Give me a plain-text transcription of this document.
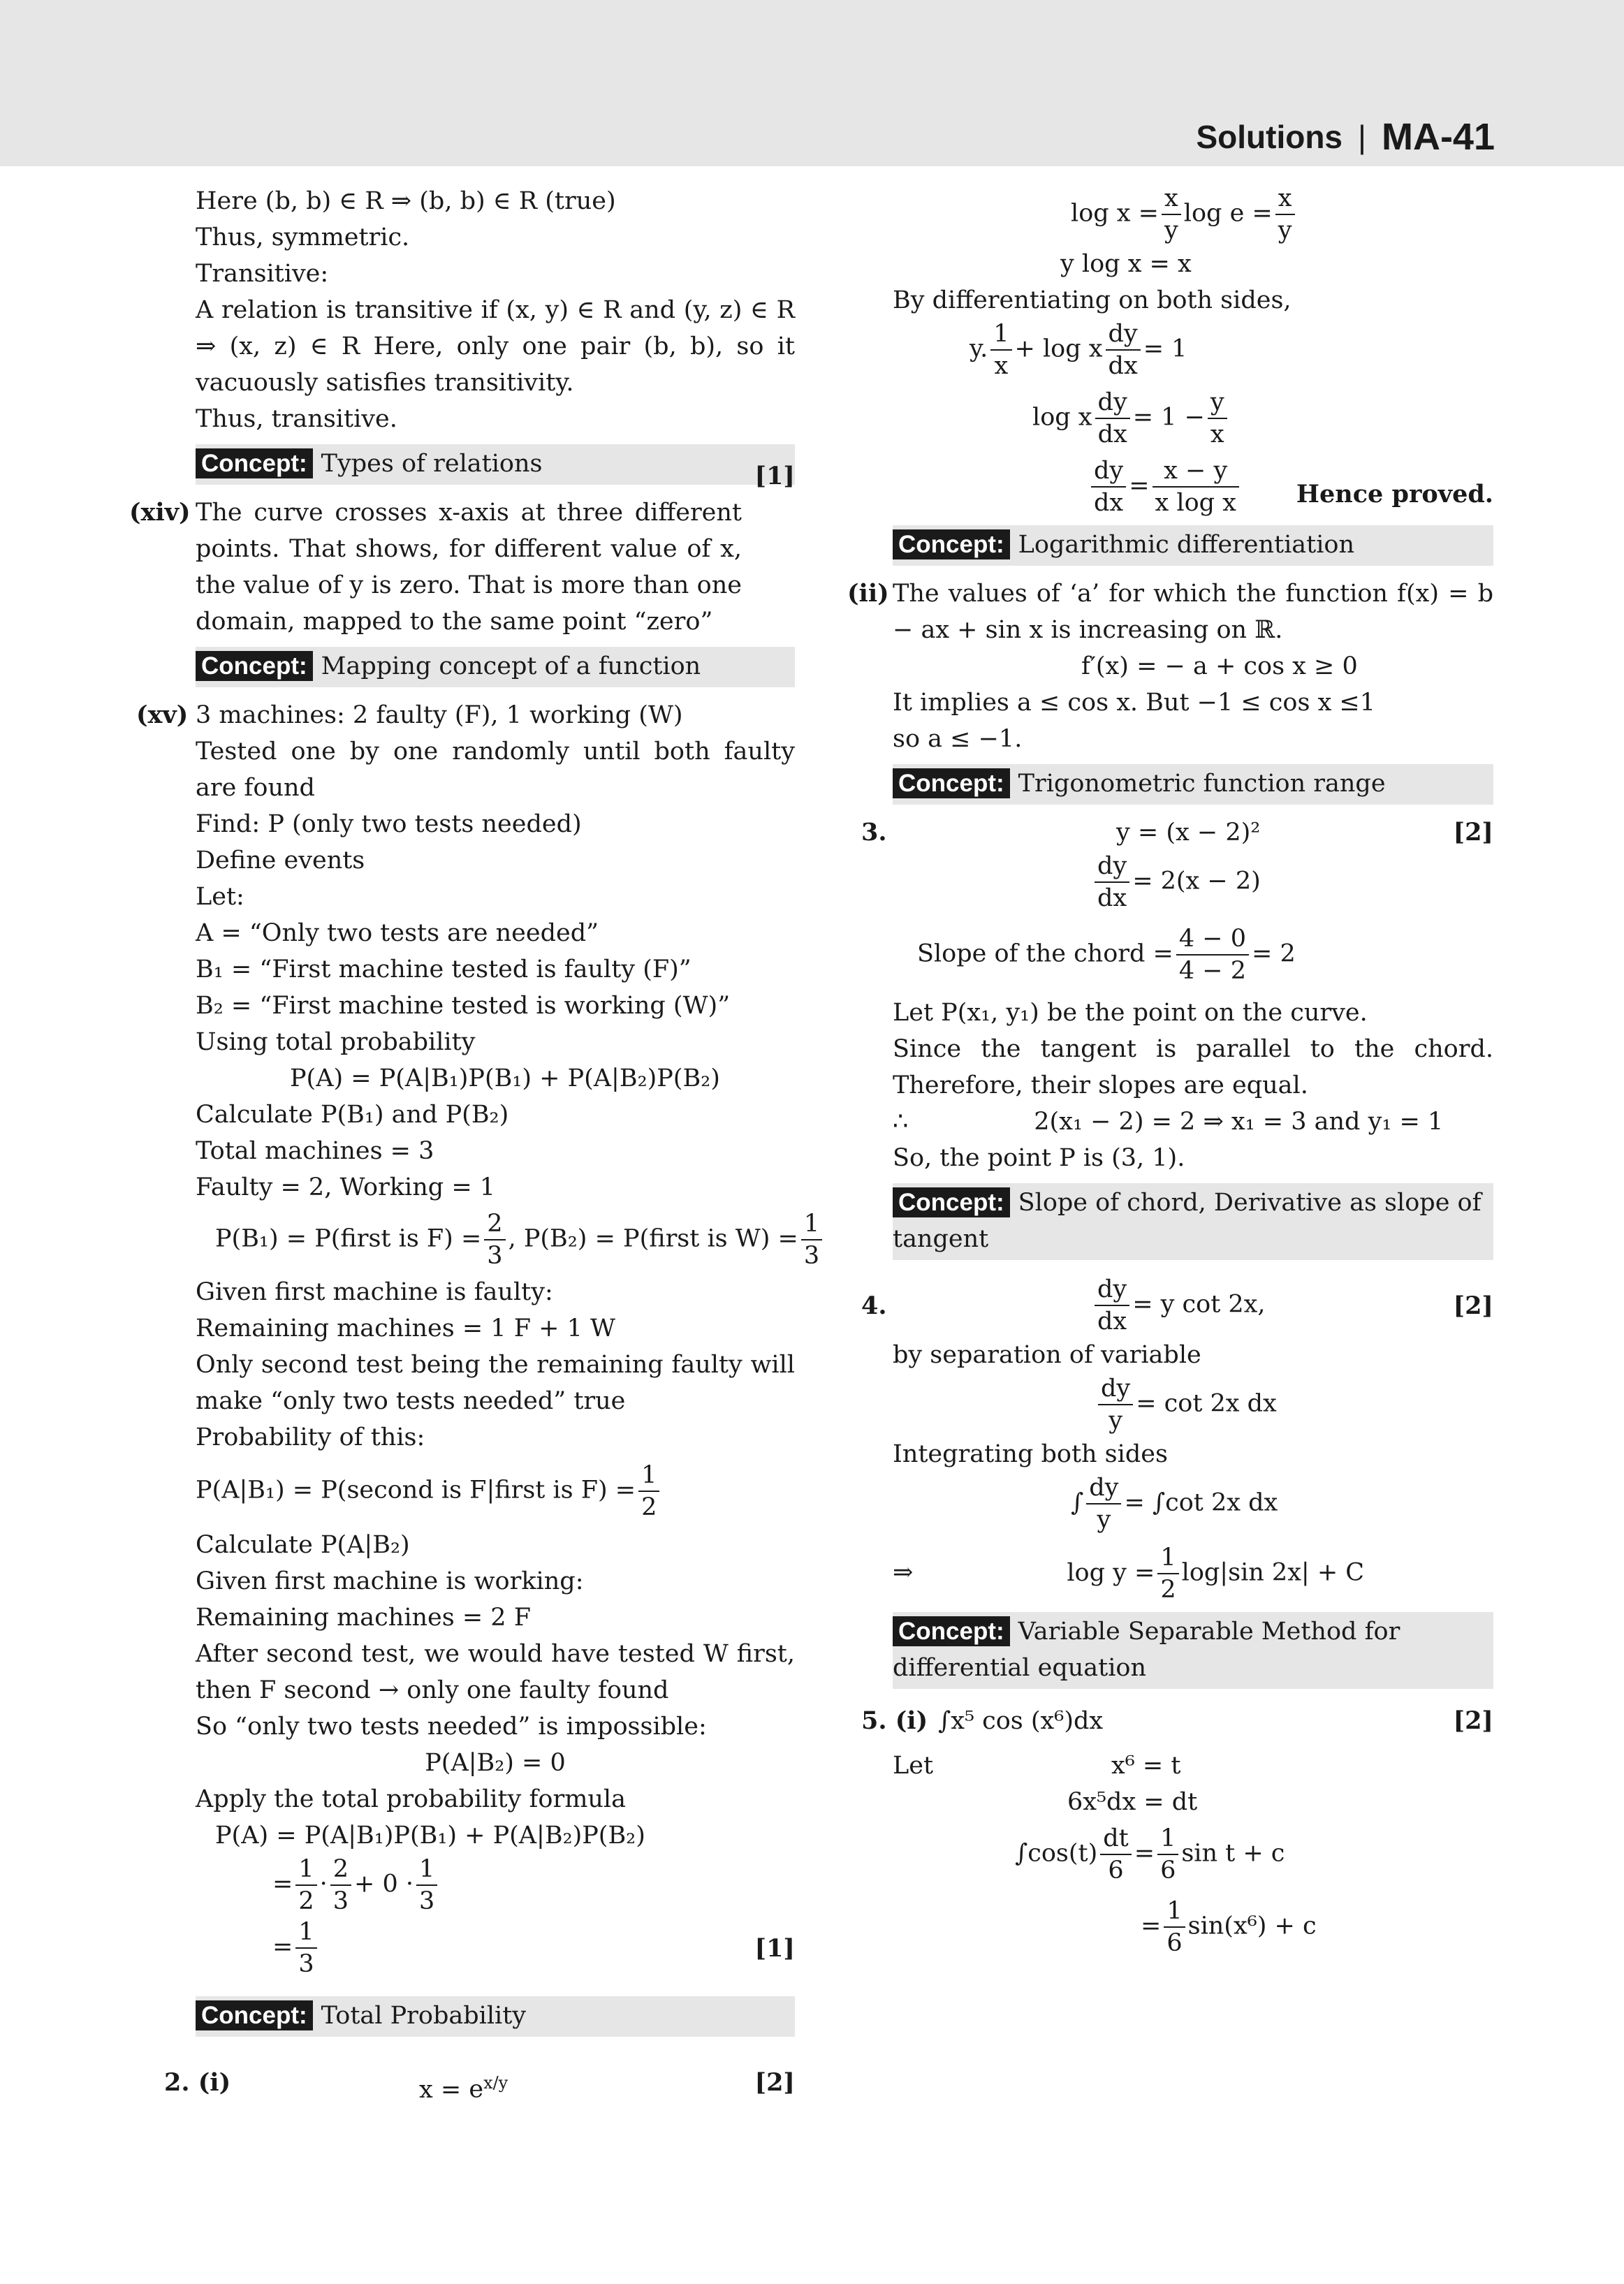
Solutions | MA-41
Here (b, b) ∈ R ⇒ (b, b) ∈ R (true)
Thus, symmetric.
Transitive:
A relation is transitive if (x, y) ∈ R and (y, z) ∈ R ⇒ (x, z) ∈ R Here, only one pair (b, b), so it vacuously satisfies transitivity.
Thus, transitive.
Concept: Types of relations
(xiv) The curve crosses x-axis at three different points. That shows, for different value of x, the value of y is zero. That is more than one domain, mapped to the same point “zero”
[1]
Concept: Mapping concept of a function
(xv) 3 machines: 2 faulty (F), 1 working (W)
Tested one by one randomly until both faulty are found
Find: P (only two tests needed)
Define events
Let:
A = “Only two tests are needed”
B₁ = “First machine tested is faulty (F)”
B₂ = “First machine tested is working (W)”
Using total probability
P(A) = P(A|B₁)P(B₁) + P(A|B₂)P(B₂)
Calculate P(B₁) and P(B₂)
Total machines = 3
Faulty = 2, Working = 1
P(B₁) = P(first is $F) = \frac{2}{3}$ , P(B₂) = P(first is $W) = \frac{1}{3}$
Given first machine is faulty:
Remaining machines = 1 F + 1 W
Only second test being the remaining faulty will make “only two tests needed” true
Probability of this:
P(A|B₁) = P(second is F|first is $F) = \frac{1}{2}$
Calculate P(A|B₂)
Given first machine is working:
Remaining machines = 2 F
After second test, we would have tested W first, then F second → only one faulty found
So “only two tests needed” is impossible:
P(A|B₂) = 0
Apply the total probability formula
P(A) = P(A|B₁)P(B₁) + P(A|B₂)P(B₂)
= $\frac{1}{2} \cdot \frac{2}{3} + 0 \cdot \frac{1}{3}$
= $\frac{1}{3}$	[1]
Concept: Total Probability
2. (i)	$x = e^{x/y}$	[2]
$\log x = \frac{x}{y}$ $\log e = \frac{x}{y}$
y log x = x
By differentiating on both sides,
y. $\frac{1}{x} + \log x \frac{dy}{dx} = 1$
log x $\frac{dy}{dx} = 1 - \frac{y}{x}$
$\frac{dy}{dx} = \frac{x - y}{\text{x log x}}$ Hence proved.
Concept: Logarithmic differentiation
(ii) The values of ‘a’ for which the function f(x) = b − ax + sin x is increasing on ℝ.
f′(x) = − a + cos x ≥ 0
It implies a ≤ cos x. But −1 ≤ cos x ≤1
so a ≤ −1.
Concept: Trigonometric function range
3.	y = (x − 2)²	[2]
$\frac{dy}{dx} = 2(x - 2)$
Slope of the chord = $\frac{4 - 0}{4 - 2} = 2$
Let P(x₁, y₁) be the point on the curve.
Since the tangent is parallel to the chord. Therefore, their slopes are equal.
∴	2(x₁ − 2) = 2 ⇒ x₁ = 3 and y₁ = 1
So, the point P is (3, 1).
Concept: Slope of chord, Derivative as slope of tangent
4.	$\frac{dy}{dx} = y$ cot 2x,	[2]
by separation of variable
$\frac{dy}{y} = \cot 2x$ dx
Integrating both sides
∫ $\frac{dy}{y} = \int\cot$ 2x dx
⇒	$\log y = \frac{1}{2} \log|\sin$ 2x| + C
Concept: Variable Separable Method for differential equation
5. (i) ∫x⁵ cos (x⁶)dx	[2]
Let	x⁶ = t
6x⁵dx = dt
$\int\cos(t) \frac{dt}{6} = \frac{1}{6}$ sin t + c
= $\frac{1}{6} \sin(x^6) + c$
